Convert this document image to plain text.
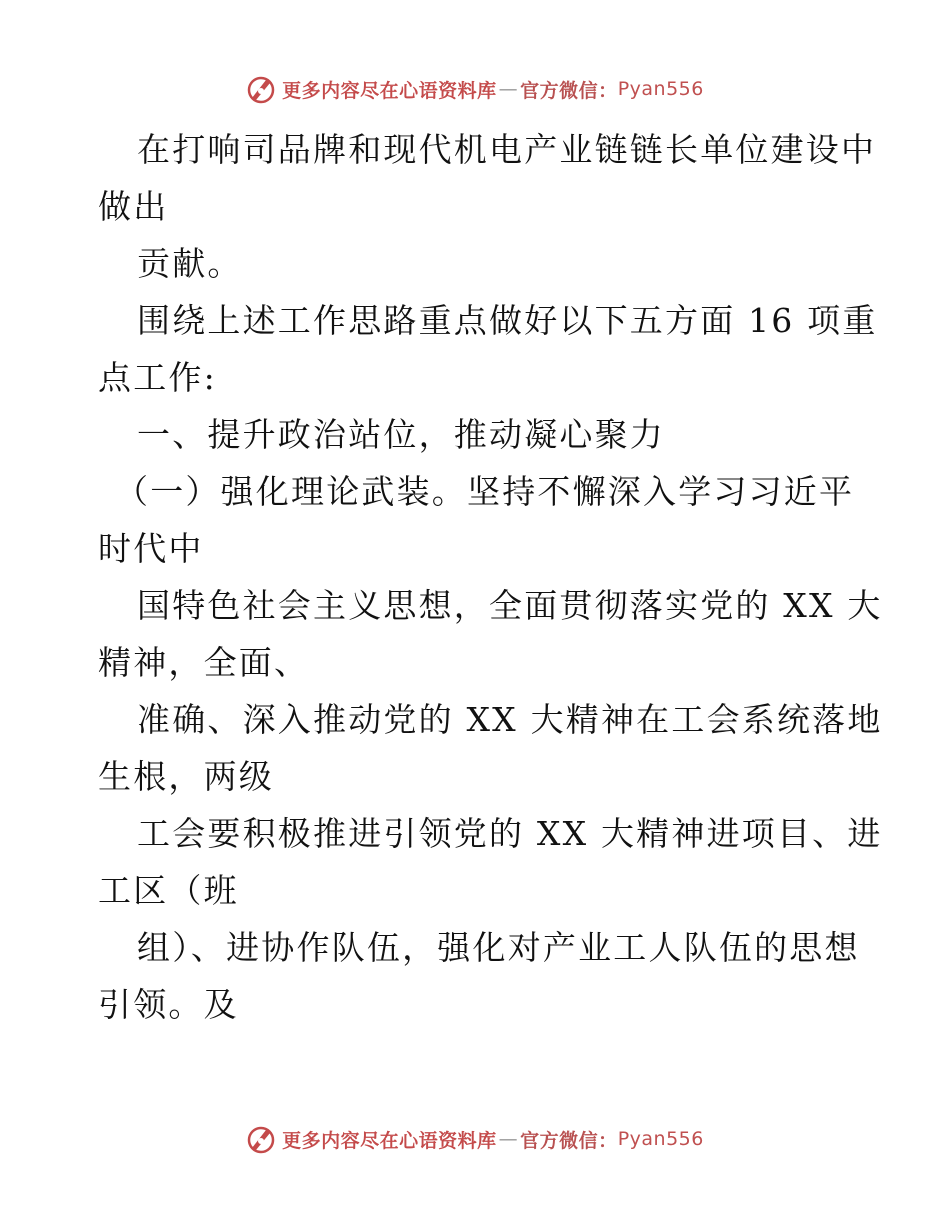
更多内容尽在心语资料库 — 官方微信： Pyan556
在打响司品牌和现代机电产业链链长单位建设中
做出
贡献。
围绕上述工作思路重点做好以下五方面 16 项重
点工作:
一、提升政治站位，推动凝心聚力
（一）强化理论武装。坚持不懈深入学习习近平
时代中
国特色社会主义思想，全面贯彻落实党的 XX 大
精神，全面、
准确、深入推动党的 XX 大精神在工会系统落地
生根，两级
工会要积极推进引领党的 XX 大精神进项目、进
工区（班
组）、进协作队伍，强化对产业工人队伍的思想
引领。及
更多内容尽在心语资料库 — 官方微信： Pyan556
